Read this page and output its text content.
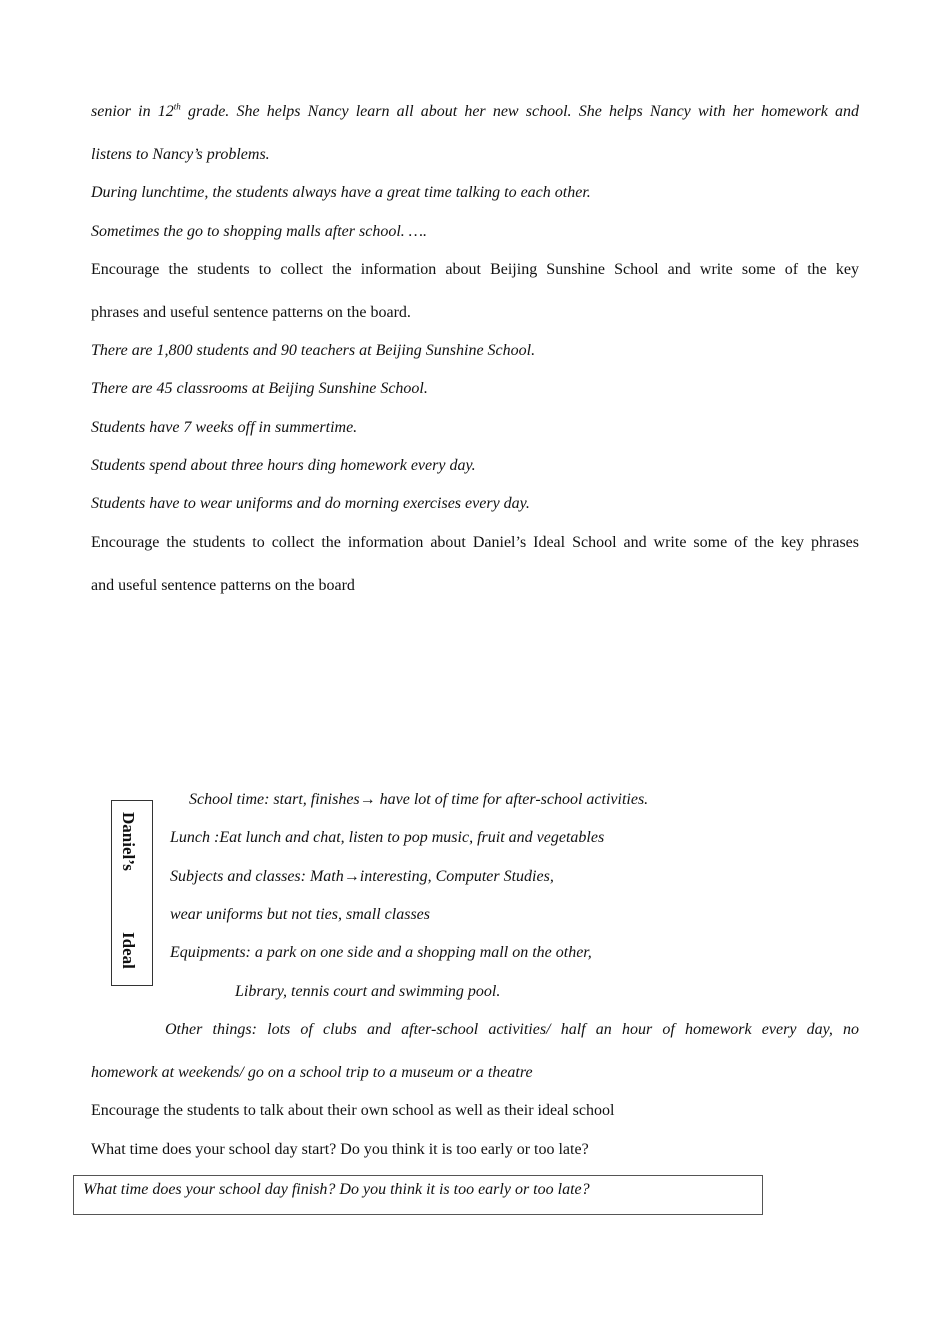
senior in 12th grade. She helps Nancy learn all about her new school. She helps Nancy with her homework and
listens to Nancy’s problems.
During lunchtime, the students always have a great time talking to each other.
Sometimes the go to shopping malls after school. ….
Encourage the students to collect the information about Beijing Sunshine School and write some of the key
phrases and useful sentence patterns on the board.
There are 1,800 students and 90 teachers at Beijing Sunshine School.
There are 45 classrooms at Beijing Sunshine School.
Students have 7 weeks off in summertime.
Students spend about three hours ding homework every day.
Students have to wear uniforms and do morning exercises every day.
Encourage the students to collect the information about Daniel’s Ideal School and write some of the key phrases
and useful sentence patterns on the board
Daniel’s
Ideal
School time: start, finishes→ have lot of time for after-school activities.
Lunch :Eat lunch and chat, listen to pop music, fruit and vegetables
Subjects and classes: Math→interesting, Computer Studies,
wear uniforms but not ties, small classes
Equipments: a park on one side and a shopping mall on the other,
Library, tennis court and swimming pool.
Other things: lots of clubs and after-school activities/ half an hour of homework every day, no
homework at weekends/ go on a school trip to a museum or a theatre
Encourage the students to talk about their own school as well as their ideal school
What time does your school day start? Do you think it is too early or too late?
What time does your school day finish? Do you think it is too early or too late?
